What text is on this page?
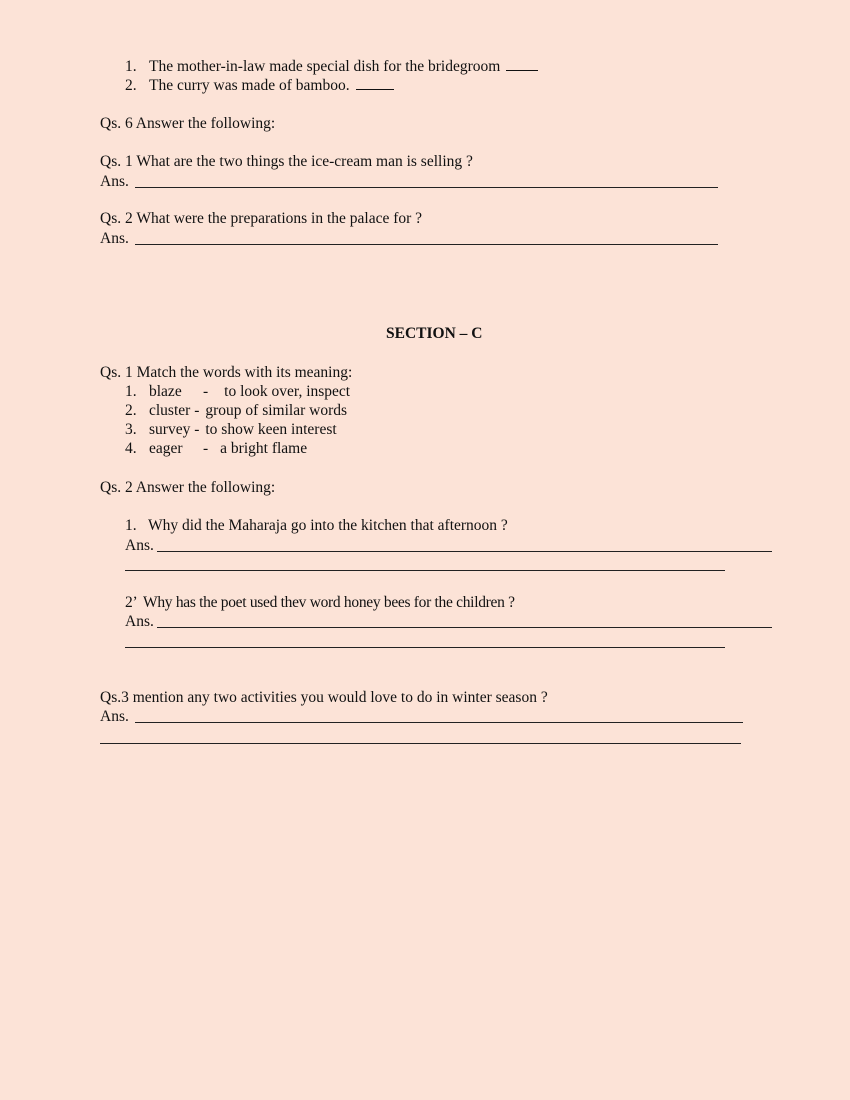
1. The mother-in-law made special dish for the bridegroom
2. The curry was made of bamboo.
Qs. 6 Answer the following:
Qs. 1 What are the two things the ice-cream man is selling ?
Ans.
Qs. 2 What were the preparations in the palace for ?
Ans.
SECTION – C
Qs. 1 Match the words with its meaning:
1. blaze - to look over, inspect
2. cluster - group of similar words
3. survey - to show keen interest
4. eager - a bright flame
Qs. 2 Answer the following:
1.   Why did the Maharaja go into the kitchen that afternoon ?
Ans.
2’  Why has the poet used thev word honey bees for the children ?
Ans.
Qs.3 mention any two activities you would love to do in winter season ?
Ans.
